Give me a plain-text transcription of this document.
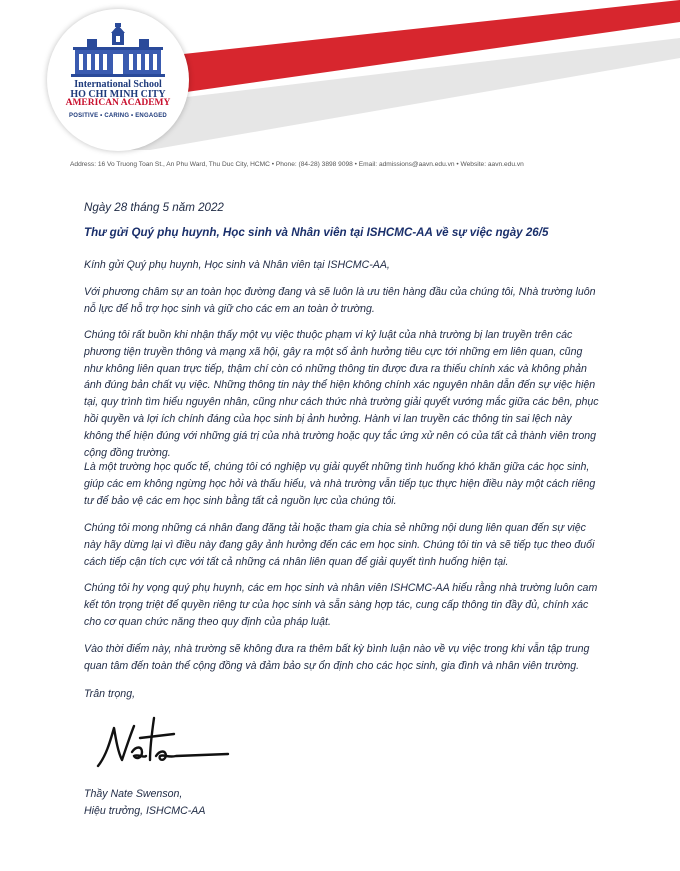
International School
HO CHI MINH CITY
AMERICAN ACADEMY
POSITIVE • CARING • ENGAGED
Address: 16 Vo Truong Toan St., An Phu Ward, Thu Duc City, HCMC • Phone: (84-28) 3898 9098 • Email: admissions@aavn.edu.vn • Website: aavn.edu.vn
Ngày 28 tháng 5 năm 2022
Thư gửi Quý phụ huynh, Học sinh và Nhân viên tại ISHCMC-AA về sự việc ngày 26/5
Kính gửi Quý phụ huynh, Học sinh và Nhân viên tại ISHCMC-AA,
Với phương châm sự an toàn học đường đang và sẽ luôn là ưu tiên hàng đầu của chúng tôi, Nhà trường luôn nỗ lực để hỗ trợ học sinh và giữ cho các em an toàn ở trường.
Chúng tôi rất buồn khi nhận thấy một vụ việc thuộc phạm vi kỷ luật của nhà trường bị lan truyền trên các phương tiện truyền thông và mạng xã hội, gây ra một số ảnh hưởng tiêu cực tới những em liên quan, cũng như không liên quan trực tiếp, thậm chí còn có những thông tin được đưa ra thiếu chính xác và không phản ánh đúng bản chất vụ việc. Những thông tin này thể hiện không chính xác nguyên nhân dẫn đến sự việc hiện tại, quy trình tìm hiểu nguyên nhân, cũng như cách thức nhà trường giải quyết vướng mắc giữa các bên, phục hồi quyền và lợi ích chính đáng của học sinh bị ảnh hưởng. Hành vi lan truyền các thông tin sai lệch này không thể hiện đúng với những giá trị của nhà trường hoặc quy tắc ứng xử nên có của tất cả thành viên trong cộng đồng trường.
Là một trường học quốc tế, chúng tôi có nghiệp vụ giải quyết những tình huống khó khăn giữa các học sinh, giúp các em không ngừng học hỏi và thấu hiểu, và nhà trường vẫn tiếp tục thực hiện điều này một cách riêng tư để bảo vệ các em học sinh bằng tất cả nguồn lực của chúng tôi.
Chúng tôi mong những cá nhân đang đăng tải hoặc tham gia chia sẻ những nội dung liên quan đến sự việc này hãy dừng lại vì điều này đang gây ảnh hưởng đến các em học sinh. Chúng tôi tin và sẽ tiếp tục theo đuổi cách tiếp cận tích cực với tất cả những cá nhân liên quan để giải quyết tình huống hiện tại.
Chúng tôi hy vọng quý phụ huynh, các em học sinh và nhân viên ISHCMC-AA hiểu rằng nhà trường luôn cam kết tôn trọng triệt để quyền riêng tư của học sinh và sẵn sàng hợp tác, cung cấp thông tin đầy đủ, chính xác cho cơ quan chức năng theo quy định của pháp luật.
Vào thời điểm này, nhà trường sẽ không đưa ra thêm bất kỳ bình luận nào về vụ việc trong khi vẫn tập trung quan tâm đến toàn thể cộng đồng và đảm bảo sự ổn định cho các học sinh, gia đình và nhân viên trường.
Trân trọng,
Thầy Nate Swenson,
Hiệu trưởng, ISHCMC-AA
